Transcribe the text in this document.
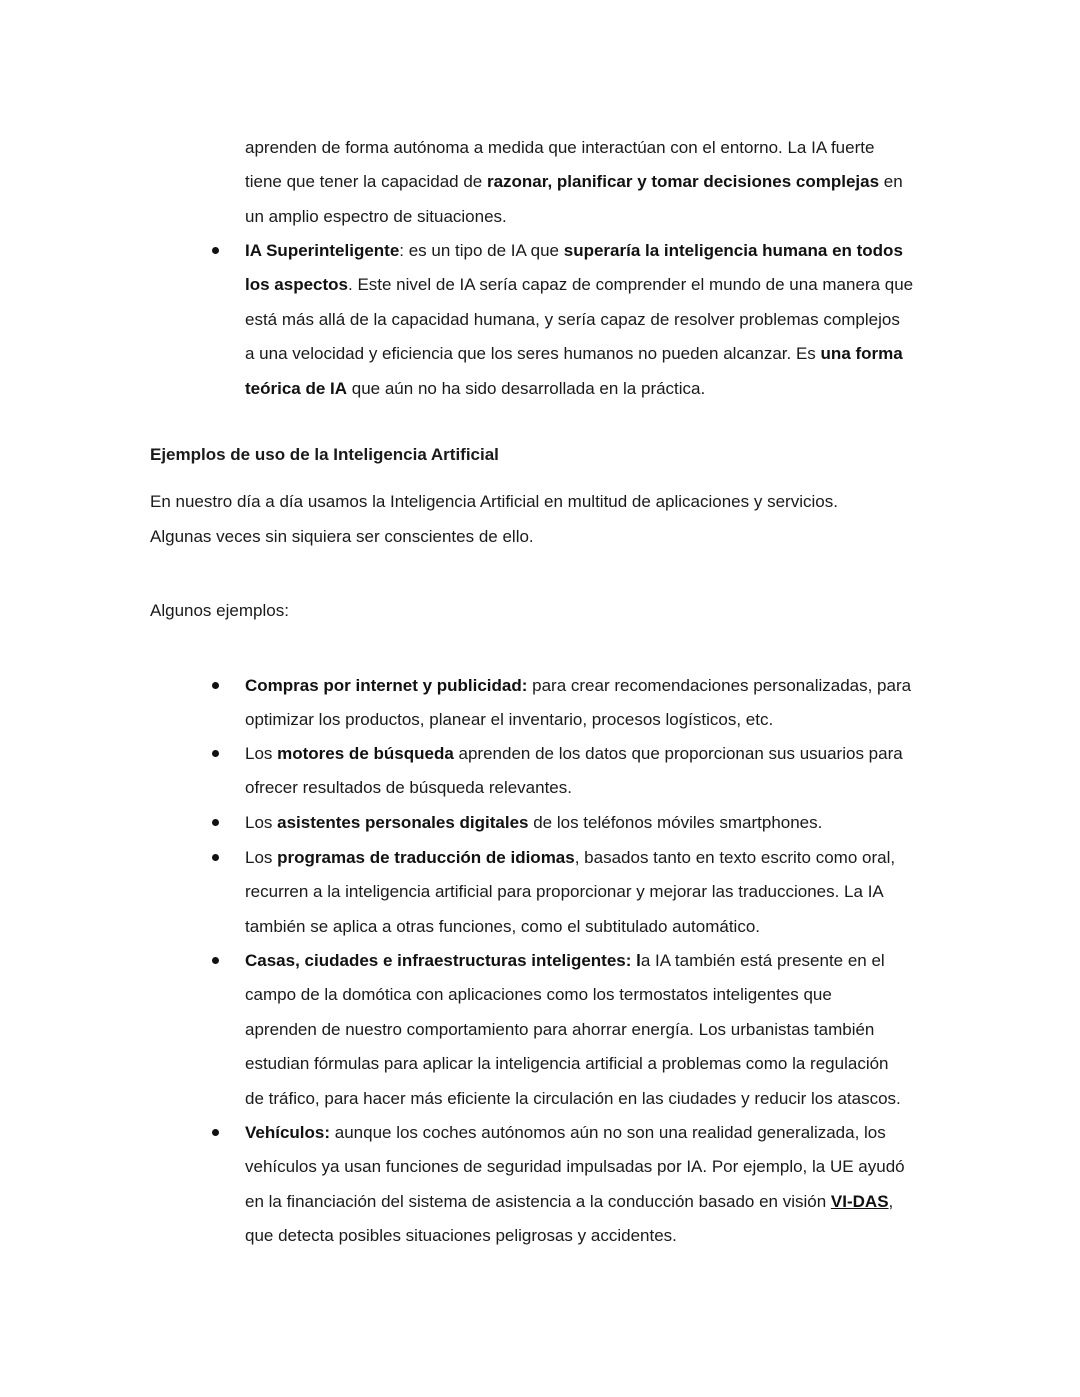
aprenden de forma autónoma a medida que interactúan con el entorno. La IA fuerte

tiene que tener la capacidad de razonar, planificar y tomar decisiones complejas en

un amplio espectro de situaciones.

IA Superinteligente: es un tipo de IA que superaría la inteligencia humana en todos
los aspectos. Este nivel de IA sería capaz de comprender el mundo de una manera que
está más allá de la capacidad humana, y sería capaz de resolver problemas complejos
a una velocidad y eficiencia que los seres humanos no pueden alcanzar. Es una forma
teórica de IA que aún no ha sido desarrollada en la práctica.

Ejemplos de uso de la Inteligencia Artificial

En nuestro día a día usamos la Inteligencia Artificial en multitud de aplicaciones y servicios.

Algunas veces sin siquiera ser conscientes de ello.

Algunos ejemplos:

Compras por internet y publicidad: para crear recomendaciones personalizadas, para
optimizar los productos, planear el inventario, procesos logísticos, etc.
Los motores de búsqueda aprenden de los datos que proporcionan sus usuarios para
ofrecer resultados de búsqueda relevantes.
Los asistentes personales digitales de los teléfonos móviles smartphones.
Los programas de traducción de idiomas, basados tanto en texto escrito como oral,
recurren a la inteligencia artificial para proporcionar y mejorar las traducciones. La IA
también se aplica a otras funciones, como el subtitulado automático.
Casas, ciudades e infraestructuras inteligentes: la IA también está presente en el
campo de la domótica con aplicaciones como los termostatos inteligentes que
aprenden de nuestro comportamiento para ahorrar energía. Los urbanistas también
estudian fórmulas para aplicar la inteligencia artificial a problemas como la regulación
de tráfico, para hacer más eficiente la circulación en las ciudades y reducir los atascos.
Vehículos: aunque los coches autónomos aún no son una realidad generalizada, los
vehículos ya usan funciones de seguridad impulsadas por IA. Por ejemplo, la UE ayudó
en la financiación del sistema de asistencia a la conducción basado en visión VI-DAS,
que detecta posibles situaciones peligrosas y accidentes.
